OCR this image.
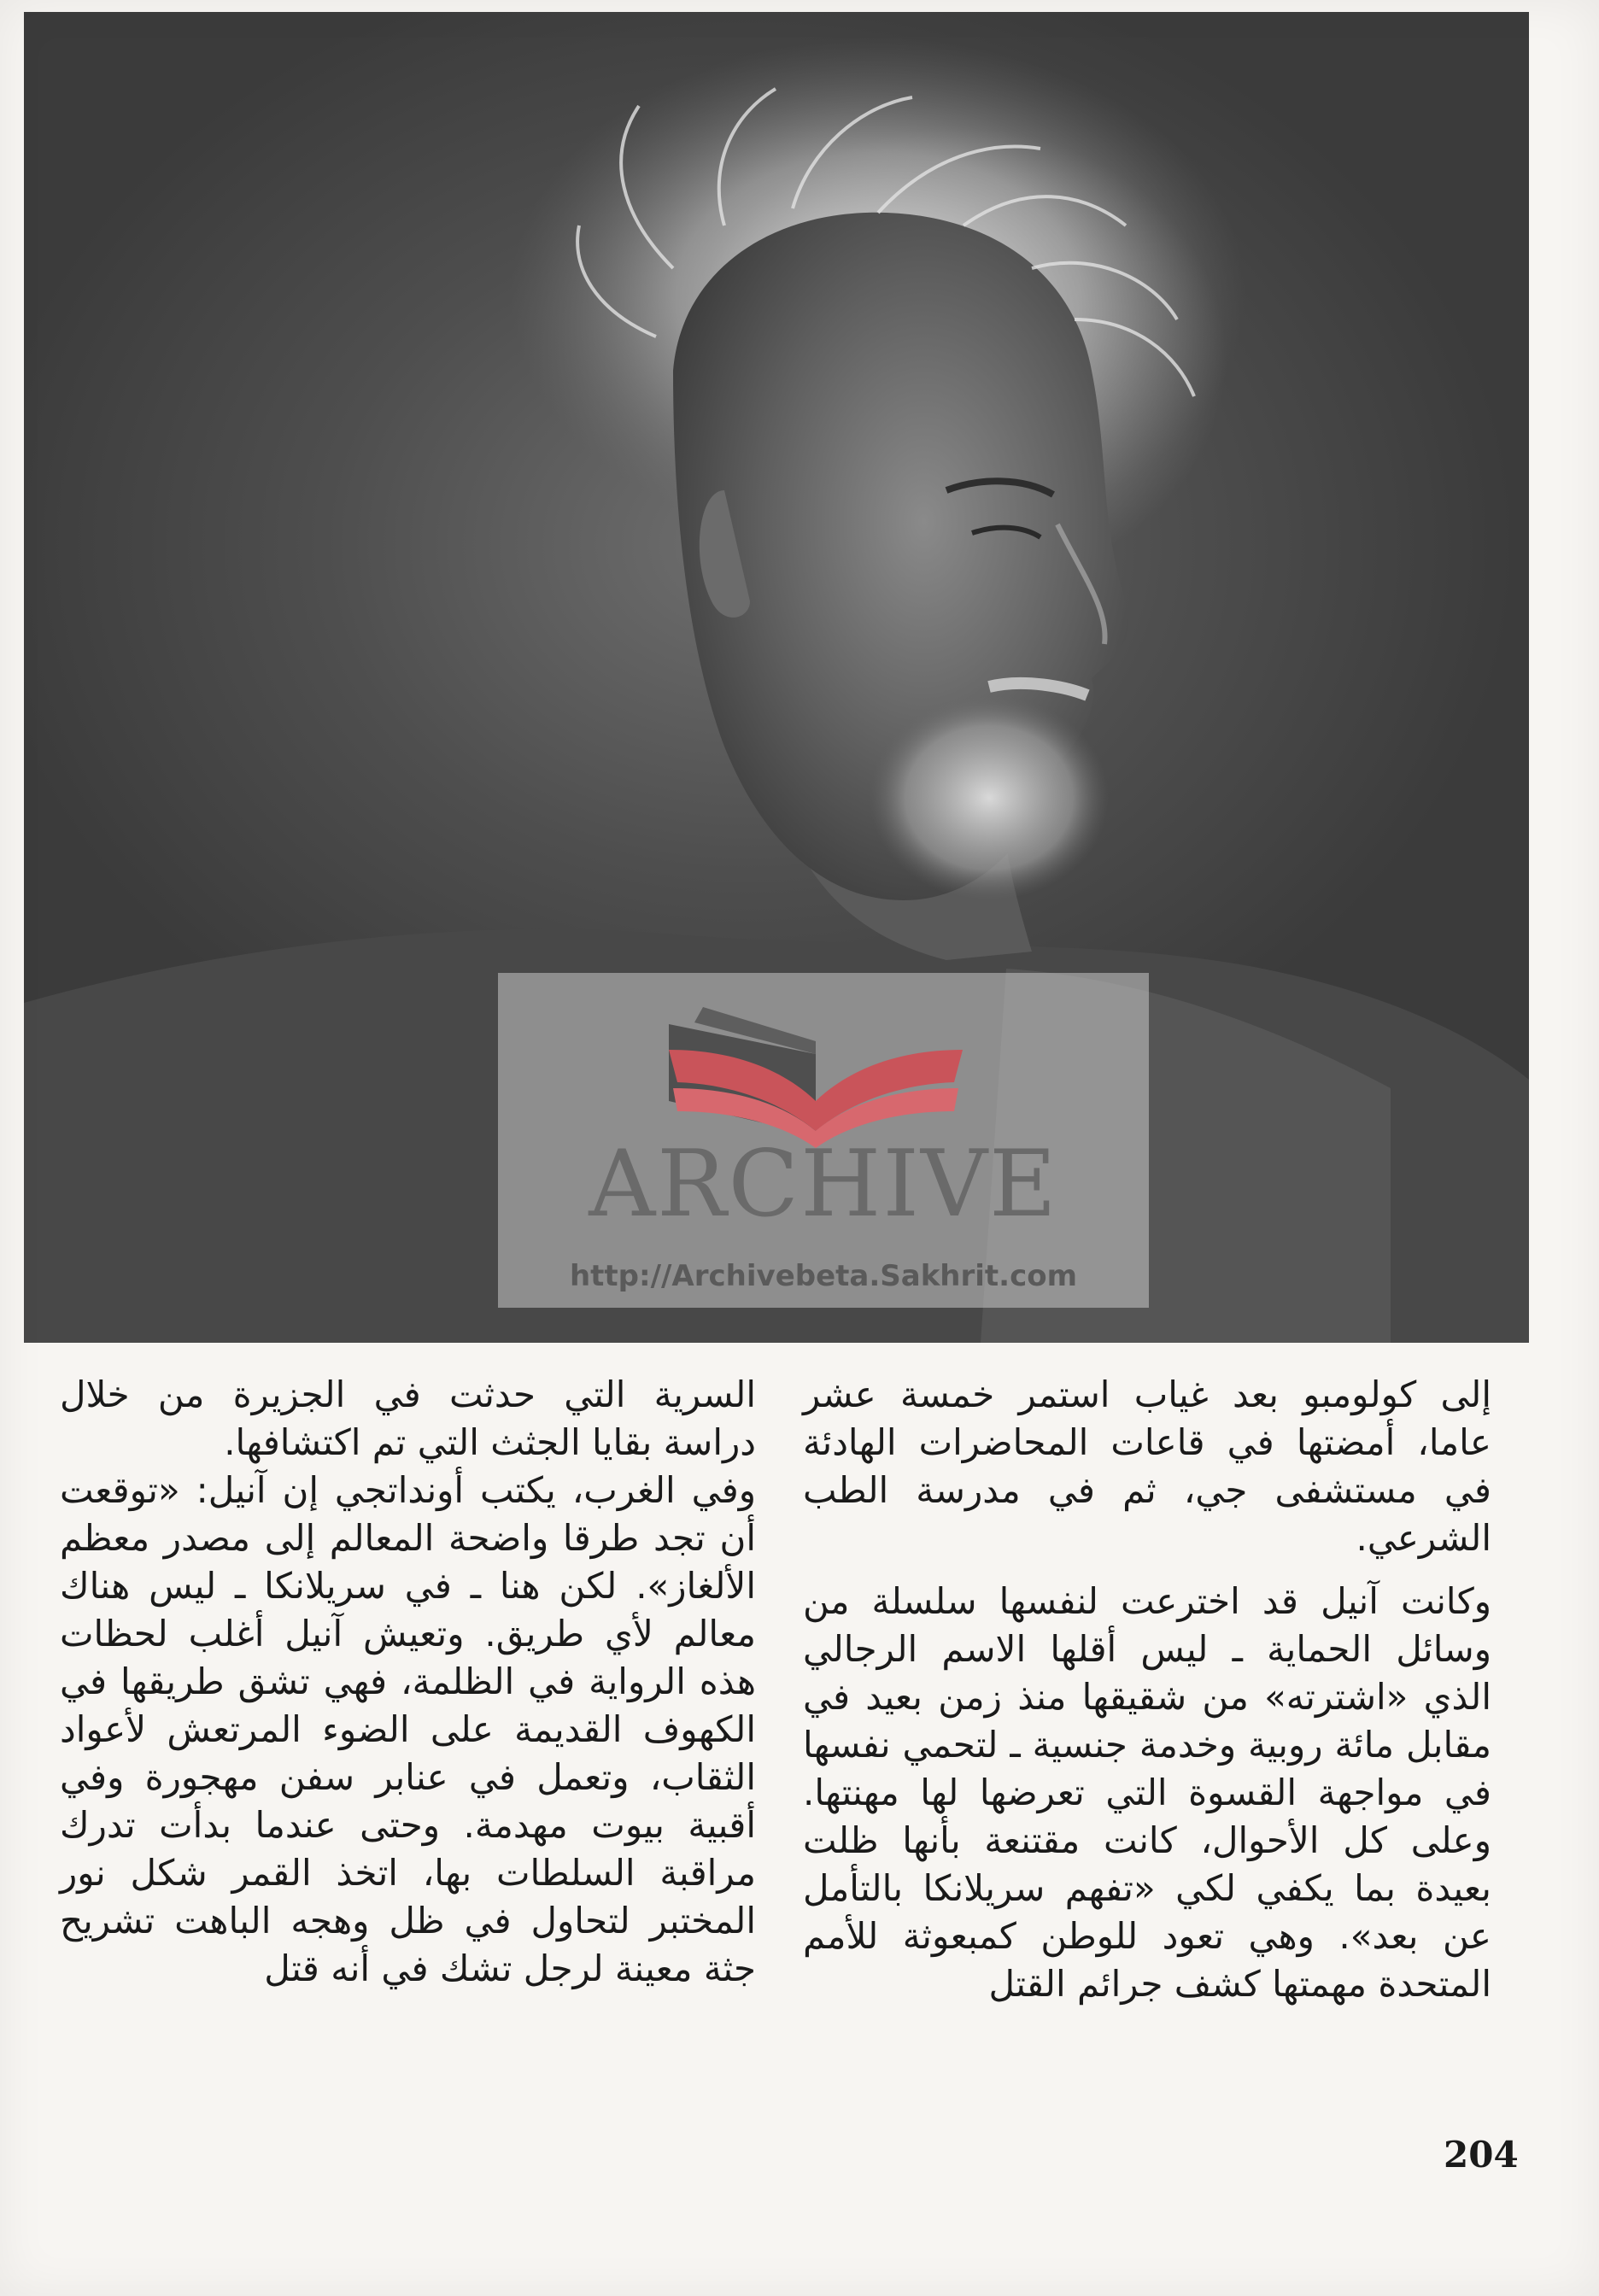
ARCHIVE
http://Archivebeta.Sakhrit.com

إلى كولومبو بعد غياب استمر خمسة عشر عاما، أمضتها في قاعات المحاضرات الهادئة في مستشفى جي، ثم في مدرسة الطب الشرعي.

وكانت آنيل قد اخترعت لنفسها سلسلة من وسائل الحماية ـ ليس أقلها الاسم الرجالي الذي «اشترته» من شقيقها منذ زمن بعيد في مقابل مائة روبية وخدمة جنسية ـ لتحمي نفسها في مواجهة القسوة التي تعرضها لها مهنتها. وعلى كل الأحوال، كانت مقتنعة بأنها ظلت بعيدة بما يكفي لكي «تفهم سريلانكا بالتأمل عن بعد». وهي تعود للوطن كمبعوثة للأمم المتحدة مهمتها كشف جرائم القتل

السرية التي حدثت في الجزيرة من خلال دراسة بقايا الجثث التي تم اكتشافها.

وفي الغرب، يكتب أونداتجي إن آنيل: «توقعت أن تجد طرقا واضحة المعالم إلى مصدر معظم الألغاز». لكن هنا ـ في سريلانكا ـ ليس هناك معالم لأي طريق. وتعيش آنيل أغلب لحظات هذه الرواية في الظلمة، فهي تشق طريقها في الكهوف القديمة على الضوء المرتعش لأعواد الثقاب، وتعمل في عنابر سفن مهجورة وفي أقبية بيوت مهدمة. وحتى عندما بدأت تدرك مراقبة السلطات بها، اتخذ القمر شكل نور المختبر لتحاول في ظل وهجه الباهت تشريح جثة معينة لرجل تشك في أنه قتل

204
